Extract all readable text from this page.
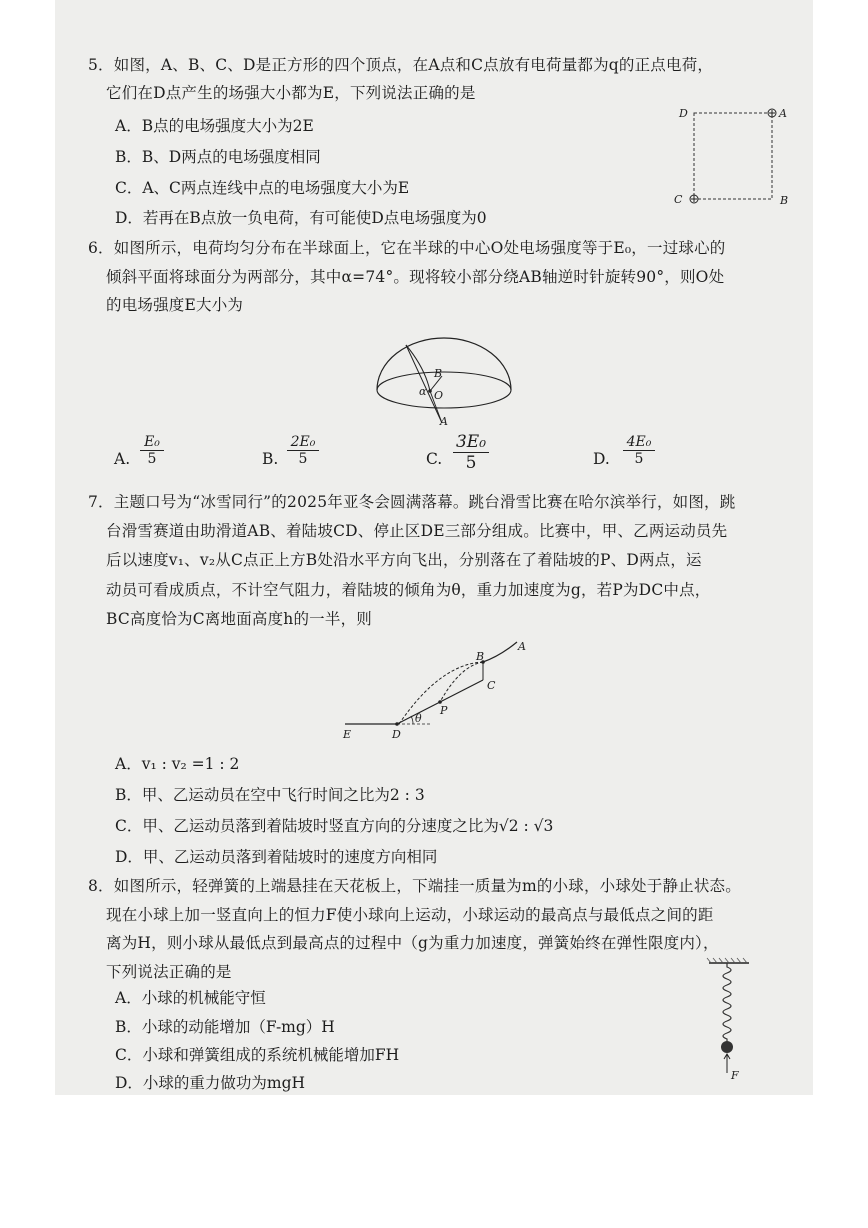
5．如图，A、B、C、D是正方形的四个顶点，在A点和C点放有电荷量都为q的正点电荷，
它们在D点产生的场强大小都为E，下列说法正确的是
A．B点的电场强度大小为2E
B．B、D两点的电场强度相同
C．A、C两点连线中点的电场强度大小为E
D．若再在B点放一负电荷，有可能使D点电场强度为0
D	A
C	B
6．如图所示，电荷均匀分布在半球面上，它在半球的中心O处电场强度等于E₀，一过球心的
倾斜平面将球面分为两部分，其中α=74°。现将较小部分绕AB轴逆时针旋转90°，则O处
的电场强度E大小为
B
α O
A
A. $\frac{\text{E₀}}{5}$	B. $\frac{\text{2E₀}}{5}$	C. $\frac{\text{3E₀}}{5}$	D. $\frac{\text{4E₀}}{5}$
7．主题口号为“冰雪同行”的2025年亚冬会圆满落幕。跳台滑雪比赛在哈尔滨举行，如图，跳
台滑雪赛道由助滑道AB、着陆坡CD、停止区DE三部分组成。比赛中，甲、乙两运动员先
后以速度v₁、v₂从C点正上方B处沿水平方向飞出，分别落在了着陆坡的P、D两点，运
动员可看成质点，不计空气阻力，着陆坡的倾角为θ，重力加速度为g，若P为DC中点，
BC高度恰为C离地面高度h的一半，则
A
B
C
P
θ
D
E
A．v₁ : v₂ =1 : 2
B．甲、乙运动员在空中飞行时间之比为2 : 3
C．甲、乙运动员落到着陆坡时竖直方向的分速度之比为√2 : √3
D．甲、乙运动员落到着陆坡时的速度方向相同
8．如图所示，轻弹簧的上端悬挂在天花板上，下端挂一质量为m的小球，小球处于静止状态。
现在小球上加一竖直向上的恒力F使小球向上运动，小球运动的最高点与最低点之间的距
离为H，则小球从最低点到最高点的过程中（g为重力加速度，弹簧始终在弹性限度内），
下列说法正确的是
A．小球的机械能守恒
B．小球的动能增加（F-mg）H
C．小球和弹簧组成的系统机械能增加FH
D．小球的重力做功为mgH	F
